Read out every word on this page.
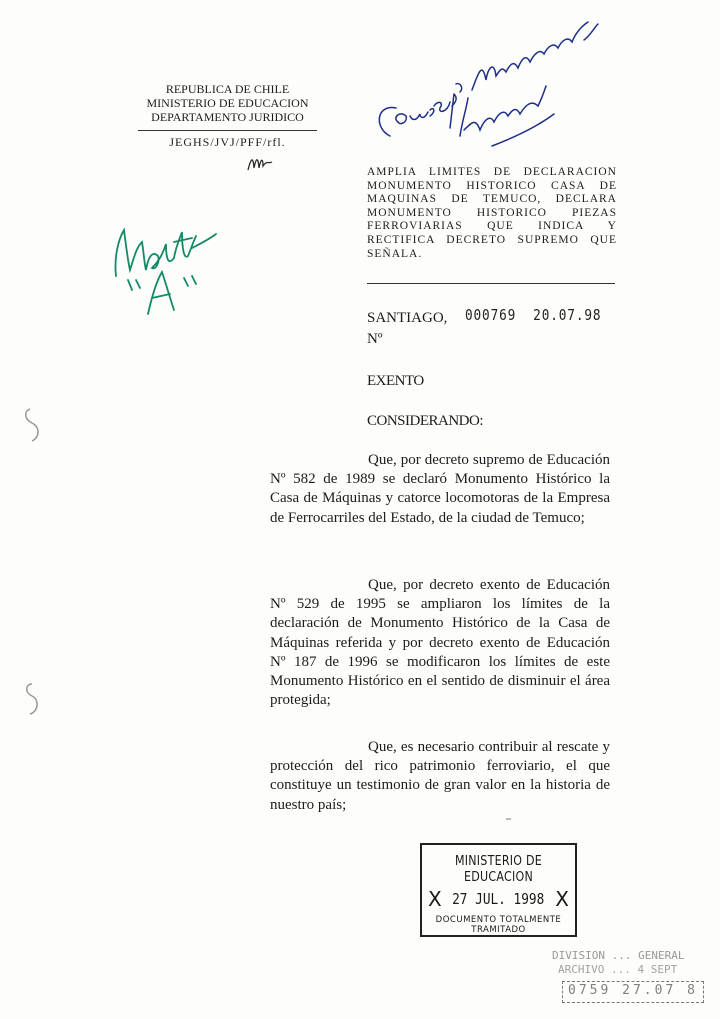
REPUBLICA DE CHILE
MINISTERIO DE EDUCACION
DEPARTAMENTO JURIDICO
JEGHS/JVJ/PFF/rfl.
AMPLIA LIMITES DE DECLARACION MONUMENTO HISTORICO CASA DE MAQUINAS DE TEMUCO, DECLARA MONUMENTO HISTORICO PIEZAS FERROVIARIAS QUE INDICA Y RECTIFICA DECRETO SUPREMO QUE SEÑALA.
SANTIAGO, 000769 20.07.98
Nº
EXENTO
CONSIDERANDO:
Que, por decreto supremo de Educación Nº 582 de 1989 se declaró Monumento Histórico la Casa de Máquinas y catorce locomotoras de la Empresa de Ferrocarriles del Estado, de la ciudad de Temuco;
Que, por decreto exento de Educación Nº 529 de 1995 se ampliaron los límites de la declaración de Monumento Histórico de la Casa de Máquinas referida y por decreto exento de Educación Nº 187 de 1996 se modificaron los límites de este Monumento Histórico en el sentido de disminuir el área protegida;
Que, es necesario contribuir al rescate y protección del rico patrimonio ferroviario, el que constituye un testimonio de gran valor en la historia de nuestro país;
MINISTERIO DE EDUCACION
X 27 JUL. 1998 X
DOCUMENTO TOTALMENTE
TRAMITADO
DIVISION ... GENERAL
ARCHIVO ... 4 SEPT
0759 27.07 8
